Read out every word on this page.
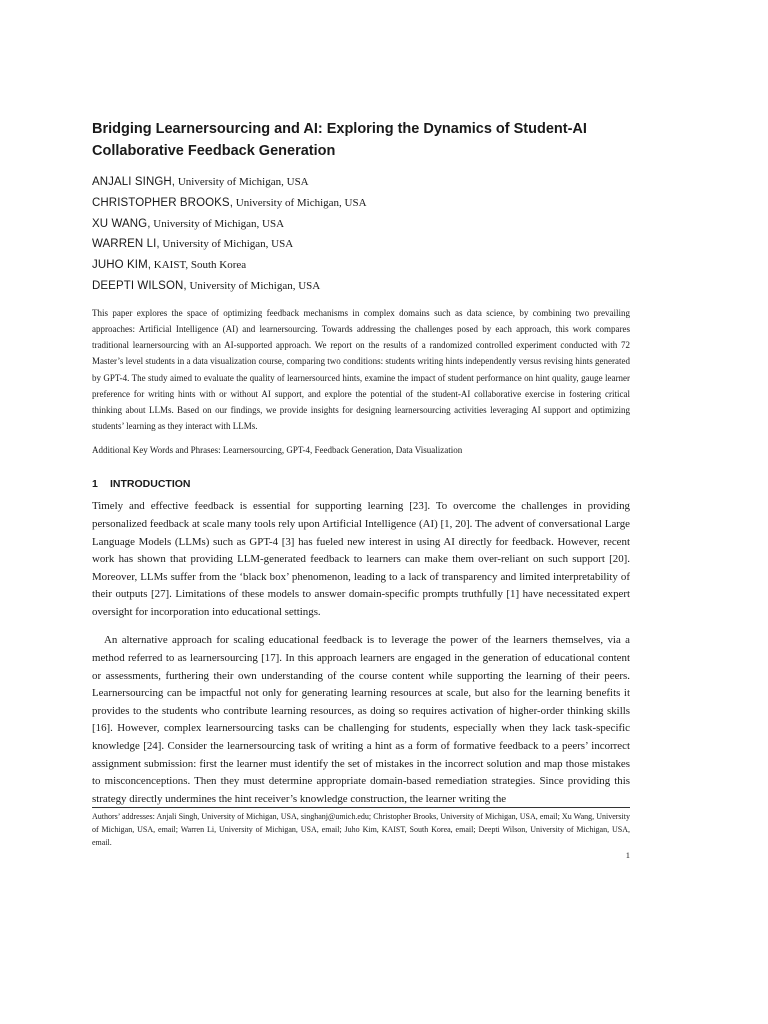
Bridging Learnersourcing and AI: Exploring the Dynamics of Student-AI Collaborative Feedback Generation
ANJALI SINGH, University of Michigan, USA
CHRISTOPHER BROOKS, University of Michigan, USA
XU WANG, University of Michigan, USA
WARREN LI, University of Michigan, USA
JUHO KIM, KAIST, South Korea
DEEPTI WILSON, University of Michigan, USA
This paper explores the space of optimizing feedback mechanisms in complex domains such as data science, by combining two prevailing approaches: Artificial Intelligence (AI) and learnersourcing. Towards addressing the challenges posed by each approach, this work compares traditional learnersourcing with an AI-supported approach. We report on the results of a randomized controlled experiment conducted with 72 Master’s level students in a data visualization course, comparing two conditions: students writing hints independently versus revising hints generated by GPT-4. The study aimed to evaluate the quality of learnersourced hints, examine the impact of student performance on hint quality, gauge learner preference for writing hints with or without AI support, and explore the potential of the student-AI collaborative exercise in fostering critical thinking about LLMs. Based on our findings, we provide insights for designing learnersourcing activities leveraging AI support and optimizing students’ learning as they interact with LLMs.
Additional Key Words and Phrases: Learnersourcing, GPT-4, Feedback Generation, Data Visualization
1 INTRODUCTION

Timely and effective feedback is essential for supporting learning [23]. To overcome the challenges in providing personalized feedback at scale many tools rely upon Artificial Intelligence (AI) [1, 20]. The advent of conversational Large Language Models (LLMs) such as GPT-4 [3] has fueled new interest in using AI directly for feedback. However, recent work has shown that providing LLM-generated feedback to learners can make them over-reliant on such support [20]. Moreover, LLMs suffer from the ‘black box’ phenomenon, leading to a lack of transparency and limited interpretability of their outputs [27]. Limitations of these models to answer domain-specific prompts truthfully [1] have necessitated expert oversight for incorporation into educational settings.

An alternative approach for scaling educational feedback is to leverage the power of the learners themselves, via a method referred to as learnersourcing [17]. In this approach learners are engaged in the generation of educational content or assessments, furthering their own understanding of the course content while supporting the learning of their peers. Learnersourcing can be impactful not only for generating learning resources at scale, but also for the learning benefits it provides to the students who contribute learning resources, as doing so requires activation of higher-order thinking skills [16]. However, complex learnersourcing tasks can be challenging for students, especially when they lack task-specific knowledge [24]. Consider the learnersourcing task of writing a hint as a form of formative feedback to a peers’ incorrect assignment submission: first the learner must identify the set of mistakes in the incorrect solution and map those mistakes to misconcenceptions. Then they must determine appropriate domain-based remediation strategies. Since providing this strategy directly undermines the hint receiver’s knowledge construction, the learner writing the

Authors’ addresses: Anjali Singh, University of Michigan, USA, singhanj@umich.edu; Christopher Brooks, University of Michigan, USA, email; Xu Wang, University of Michigan, USA, email; Warren Li, University of Michigan, USA, email; Juho Kim, KAIST, South Korea, email; Deepti Wilson, University of Michigan, USA, email.
1
